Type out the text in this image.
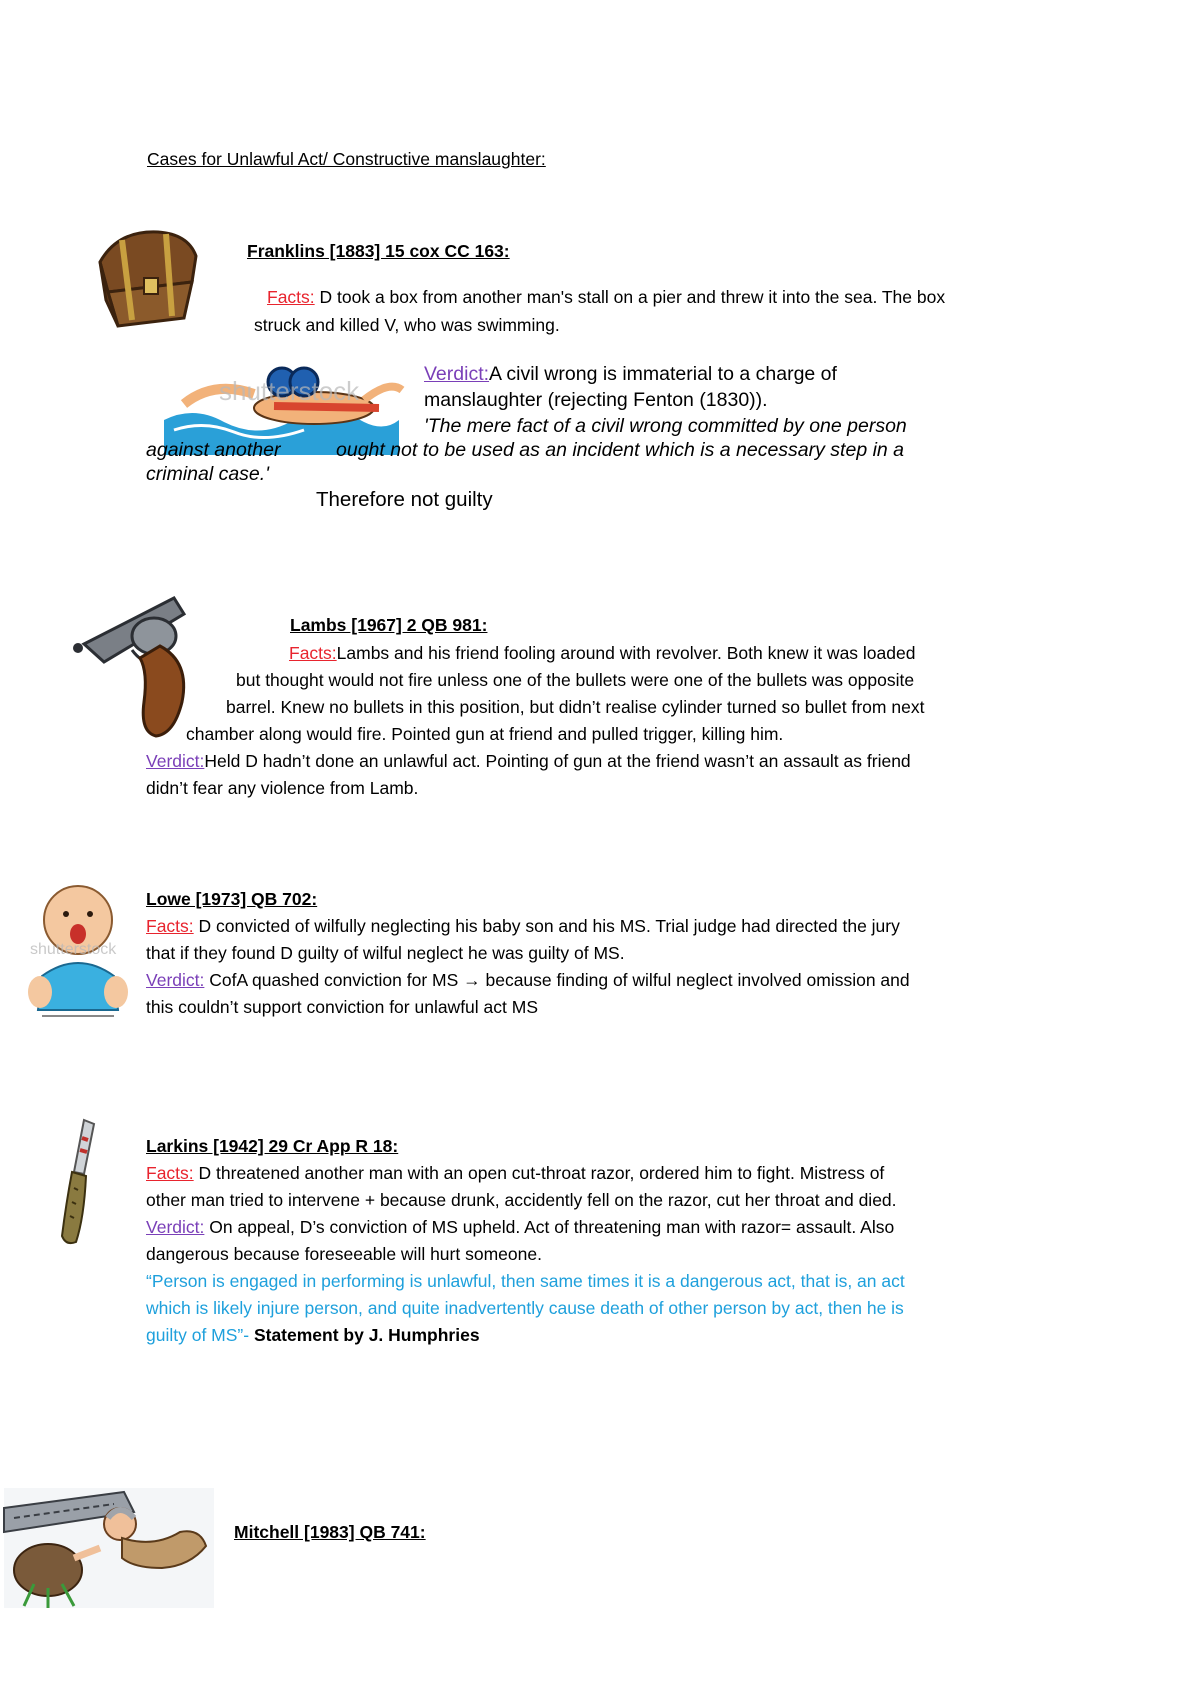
Cases for Unlawful Act/ Constructive manslaughter:
Franklins [1883] 15 cox CC 163:
Facts: D took a box from another man's stall on a pier and threw it into the sea. The box
struck and killed V, who was swimming.
shutterstock
Verdict:A civil wrong is immaterial to a charge of
manslaughter (rejecting Fenton (1830)).
'The mere fact of a civil wrong committed by one person
against another	ought not to be used as an incident which is a necessary step in a
criminal case.'
Therefore not guilty
Lambs [1967] 2 QB 981:
Facts:Lambs and his friend fooling around with revolver. Both knew it was loaded
but thought would not fire unless one of the bullets were one of the bullets was opposite
barrel. Knew no bullets in this position, but didn’t realise cylinder turned so bullet from next
chamber along would fire. Pointed gun at friend and pulled trigger, killing him.
Verdict:Held D hadn’t done an unlawful act. Pointing of gun at the friend wasn’t an assault as friend
didn’t fear any violence from Lamb.
shutterstock
Lowe [1973] QB 702:
Facts: D convicted of wilfully neglecting his baby son and his MS. Trial judge had directed the jury
that if they found D guilty of wilful neglect he was guilty of MS.
Verdict: CofA quashed conviction for MS → because finding of wilful neglect involved omission and
this couldn’t support conviction for unlawful act MS
Larkins [1942] 29 Cr App R 18:
Facts: D threatened another man with an open cut-throat razor, ordered him to fight. Mistress of
other man tried to intervene + because drunk, accidently fell on the razor, cut her throat and died.
Verdict: On appeal, D’s conviction of MS upheld. Act of threatening man with razor= assault. Also
dangerous because foreseeable will hurt someone.
“Person is engaged in performing is unlawful, then same times it is a dangerous act, that is, an act
which is likely injure person, and quite inadvertently cause death of other person by act, then he is
guilty of MS”- Statement by J. Humphries
Mitchell [1983] QB 741:
